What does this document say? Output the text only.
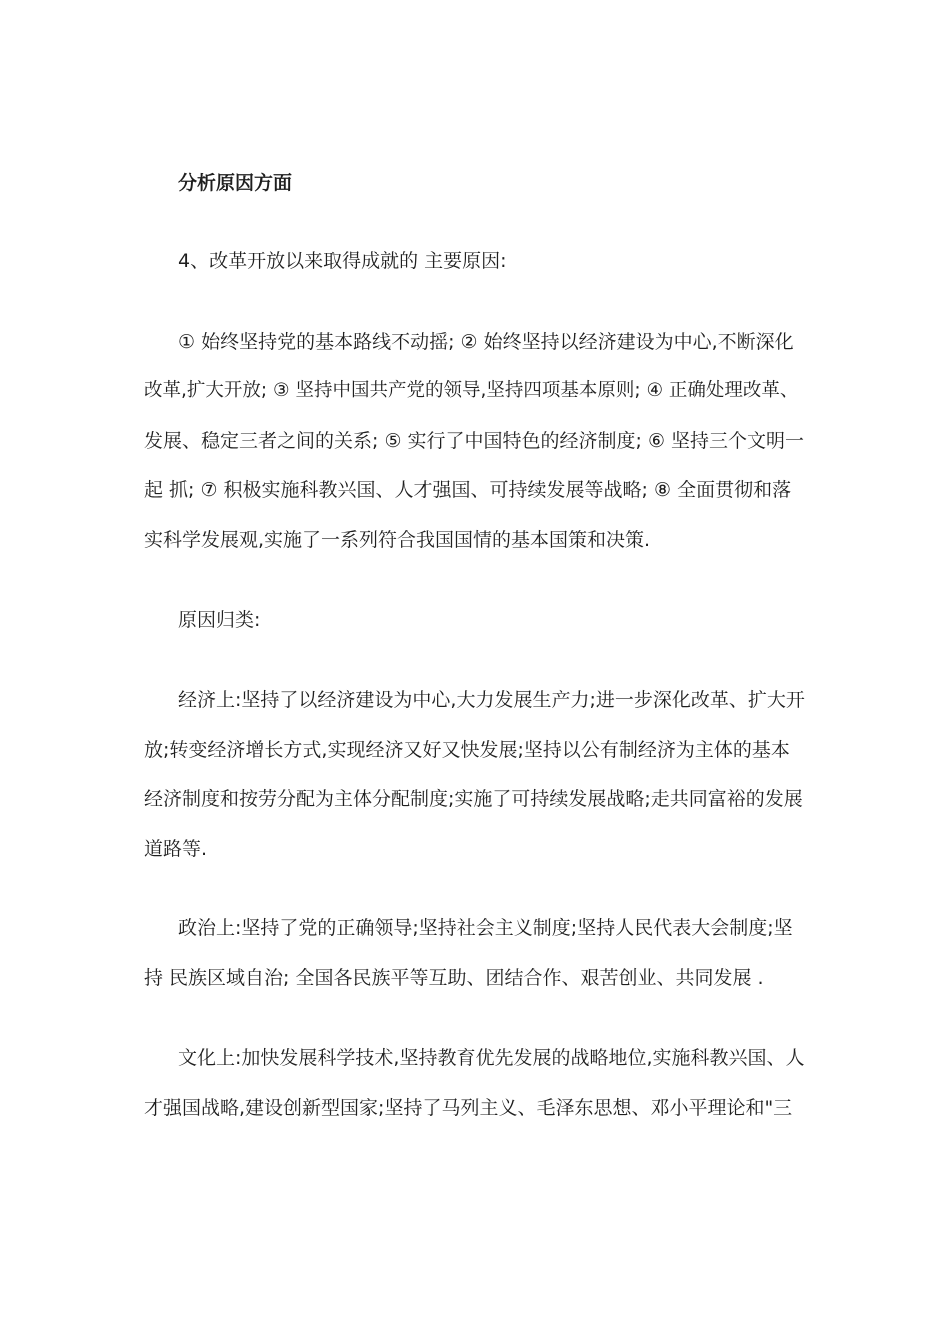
分析原因方面
4、改革开放以来取得成就的 主要原因:
① 始终坚持党的基本路线不动摇; ② 始终坚持以经济建设为中心,不断深化
改革,扩大开放; ③ 坚持中国共产党的领导,坚持四项基本原则; ④ 正确处理改革、
发展、稳定三者之间的关系; ⑤ 实行了中国特色的经济制度; ⑥ 坚持三个文明一
起 抓; ⑦ 积极实施科教兴国、人才强国、可持续发展等战略; ⑧ 全面贯彻和落
实科学发展观,实施了一系列符合我国国情的基本国策和决策.
原因归类:
经济上:坚持了以经济建设为中心,大力发展生产力;进一步深化改革、扩大开
放;转变经济增长方式,实现经济又好又快发展;坚持以公有制经济为主体的基本
经济制度和按劳分配为主体分配制度;实施了可持续发展战略;走共同富裕的发展
道路等.
政治上:坚持了党的正确领导;坚持社会主义制度;坚持人民代表大会制度;坚
持 民族区域自治; 全国各民族平等互助、团结合作、艰苦创业、共同发展 .
文化上:加快发展科学技术,坚持教育优先发展的战略地位,实施科教兴国、人
才强国战略,建设创新型国家;坚持了马列主义、毛泽东思想、邓小平理论和"三
